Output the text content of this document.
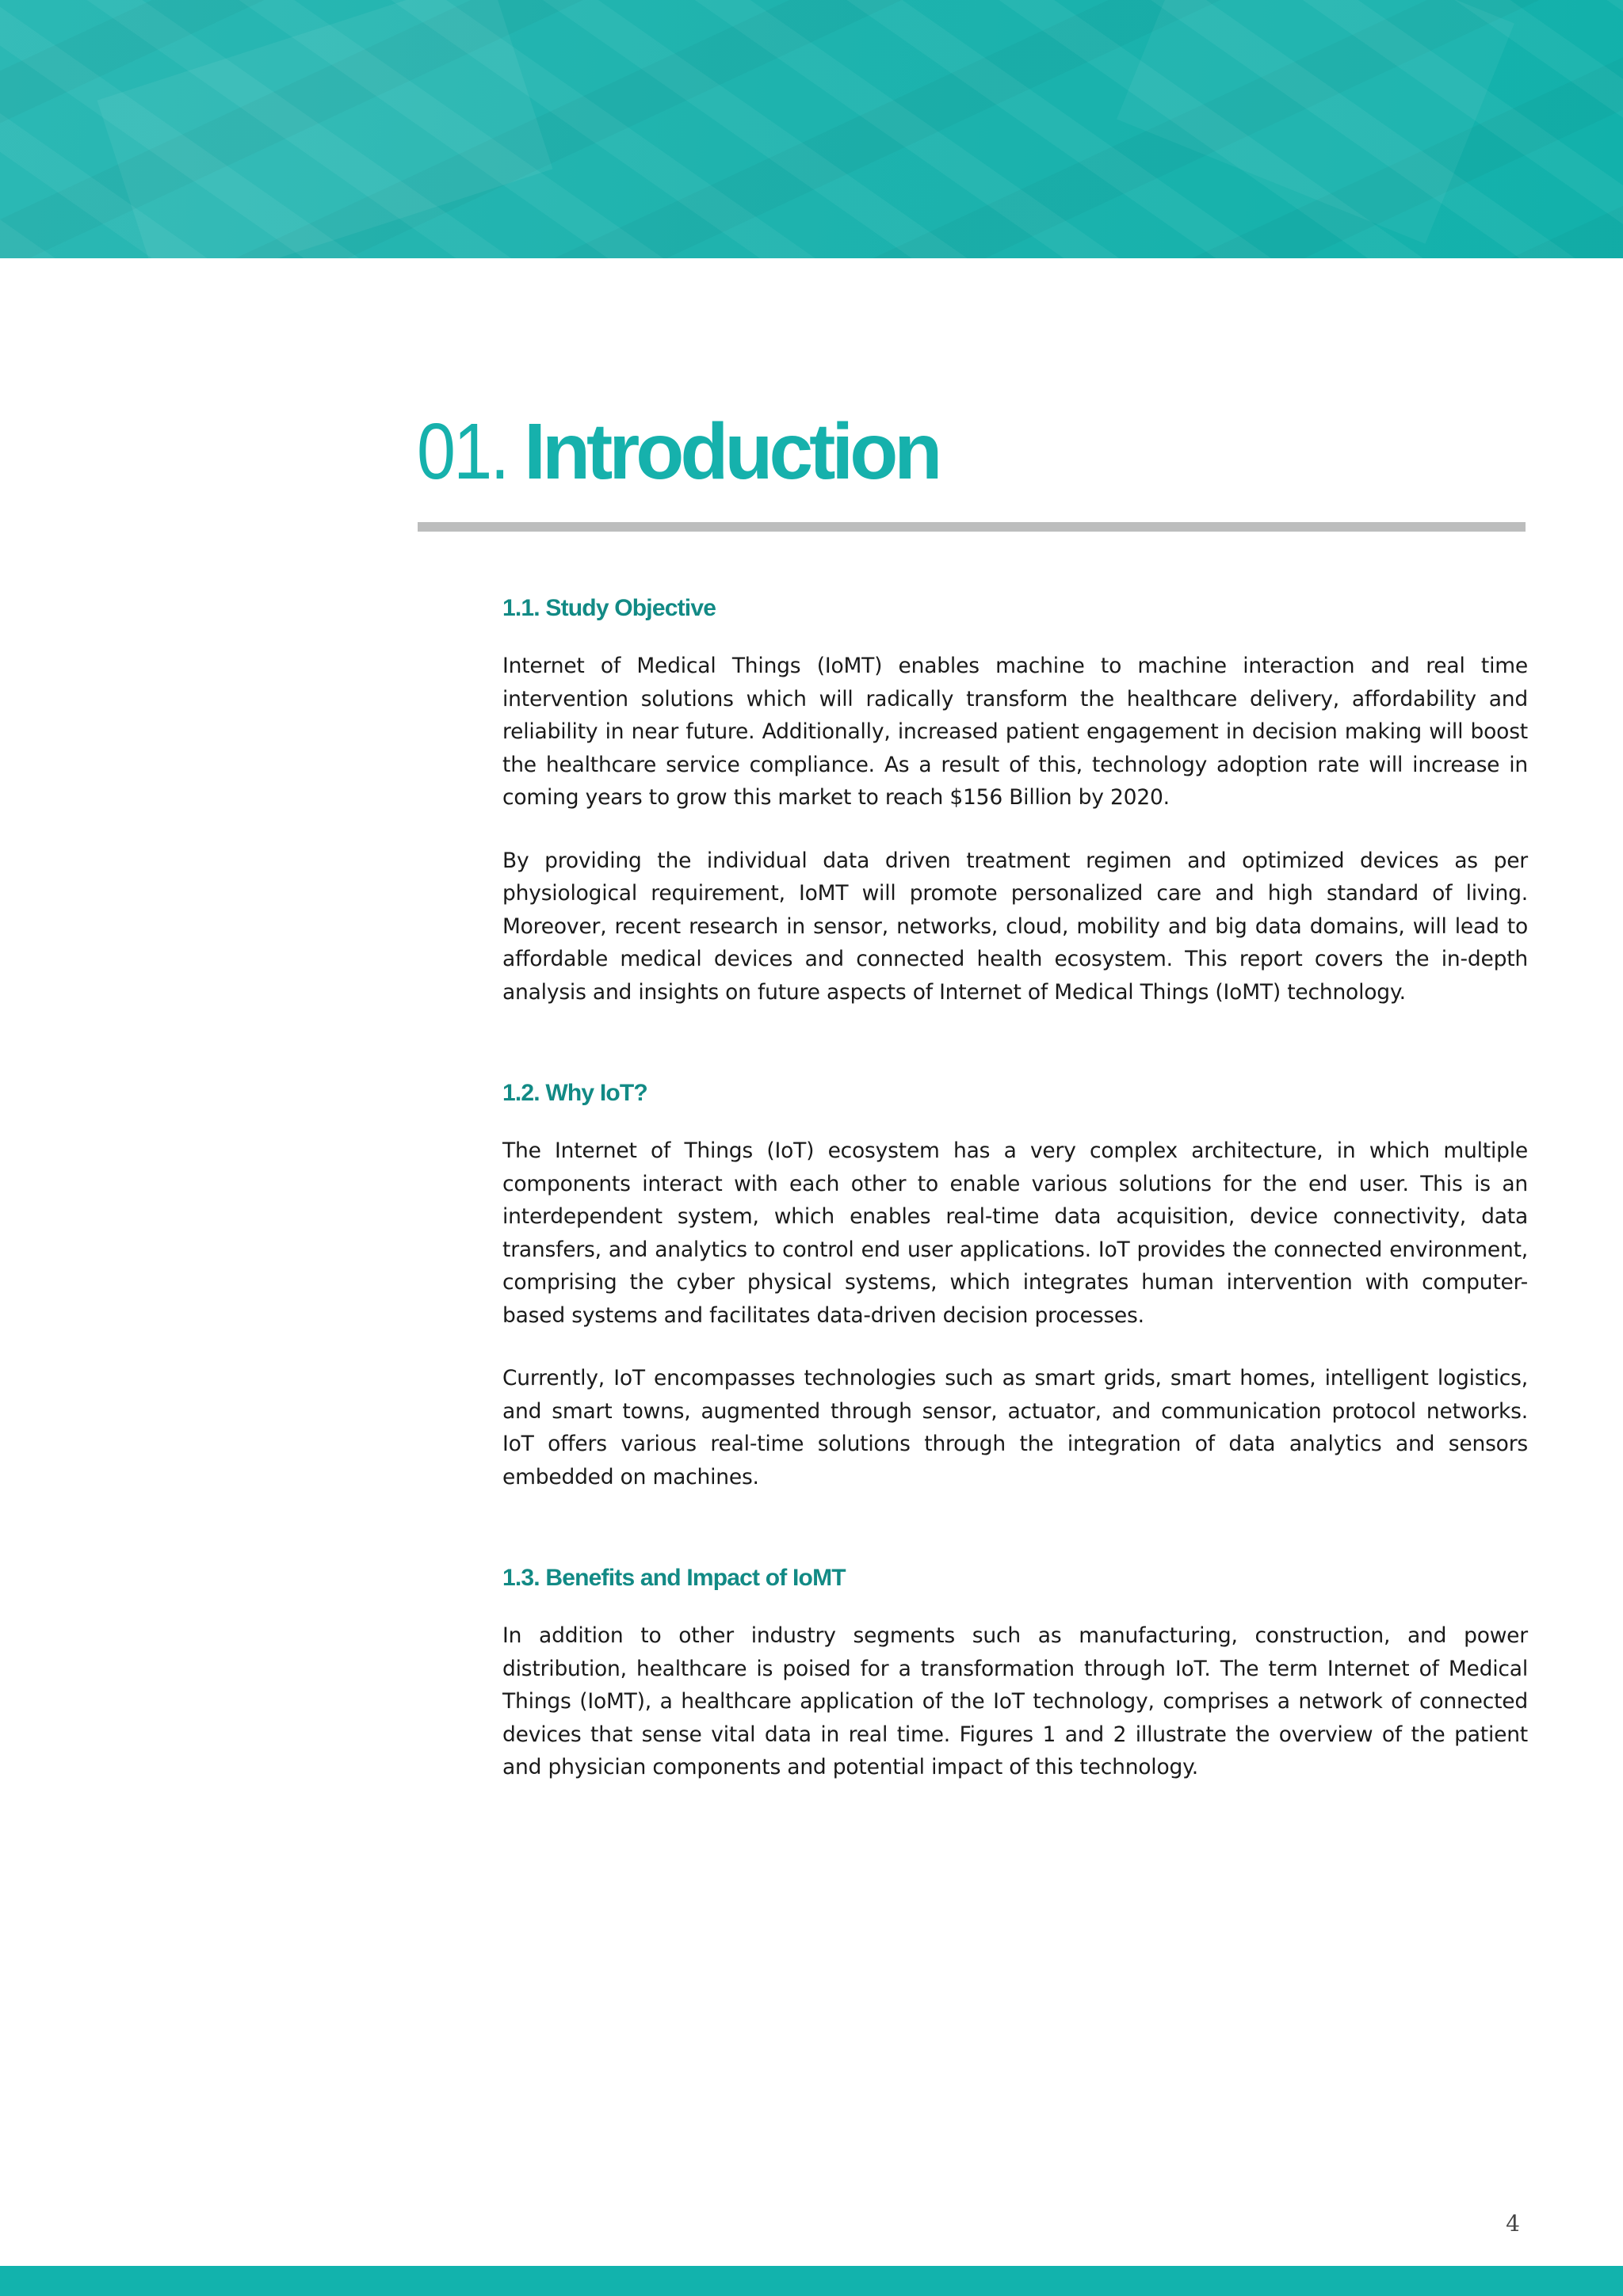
01. Introduction
1.1. Study Objective

Internet of Medical Things (IoMT) enables machine to machine interaction and real time intervention solutions which will radically transform the healthcare delivery, affordability and reliability in near future. Additionally, increased patient engagement in decision making will boost the healthcare service compliance. As a result of this, technology adoption rate will increase in coming years to grow this market to reach $156 Billion by 2020.

By providing the individual data driven treatment regimen and optimized devices as per physiological requirement, IoMT will promote personalized care and high standard of living. Moreover, recent research in sensor, networks, cloud, mobility and big data domains, will lead to affordable medical devices and connected health ecosystem. This report covers the in-depth analysis and insights on future aspects of Internet of Medical Things (IoMT) technology.

1.2. Why IoT?

The Internet of Things (IoT) ecosystem has a very complex architecture, in which multiple components interact with each other to enable various solutions for the end user. This is an interdependent system, which enables real-time data acquisition, device connectivity, data transfers, and analytics to control end user applications. IoT provides the connected environment, comprising the cyber physical systems, which integrates human intervention with computer-based systems and facilitates data-driven decision processes.

Currently, IoT encompasses technologies such as smart grids, smart homes, intelligent logistics, and smart towns, augmented through sensor, actuator, and communication protocol networks. IoT offers various real-time solutions through the integration of data analytics and sensors embedded on machines.

1.3. Benefits and Impact of IoMT

In addition to other industry segments such as manufacturing, construction, and power distribution, healthcare is poised for a transformation through IoT. The term Internet of Medical Things (IoMT), a healthcare application of the IoT technology, comprises a network of connected devices that sense vital data in real time. Figures 1 and 2 illustrate the overview of the patient and physician components and potential impact of this technology.

4
